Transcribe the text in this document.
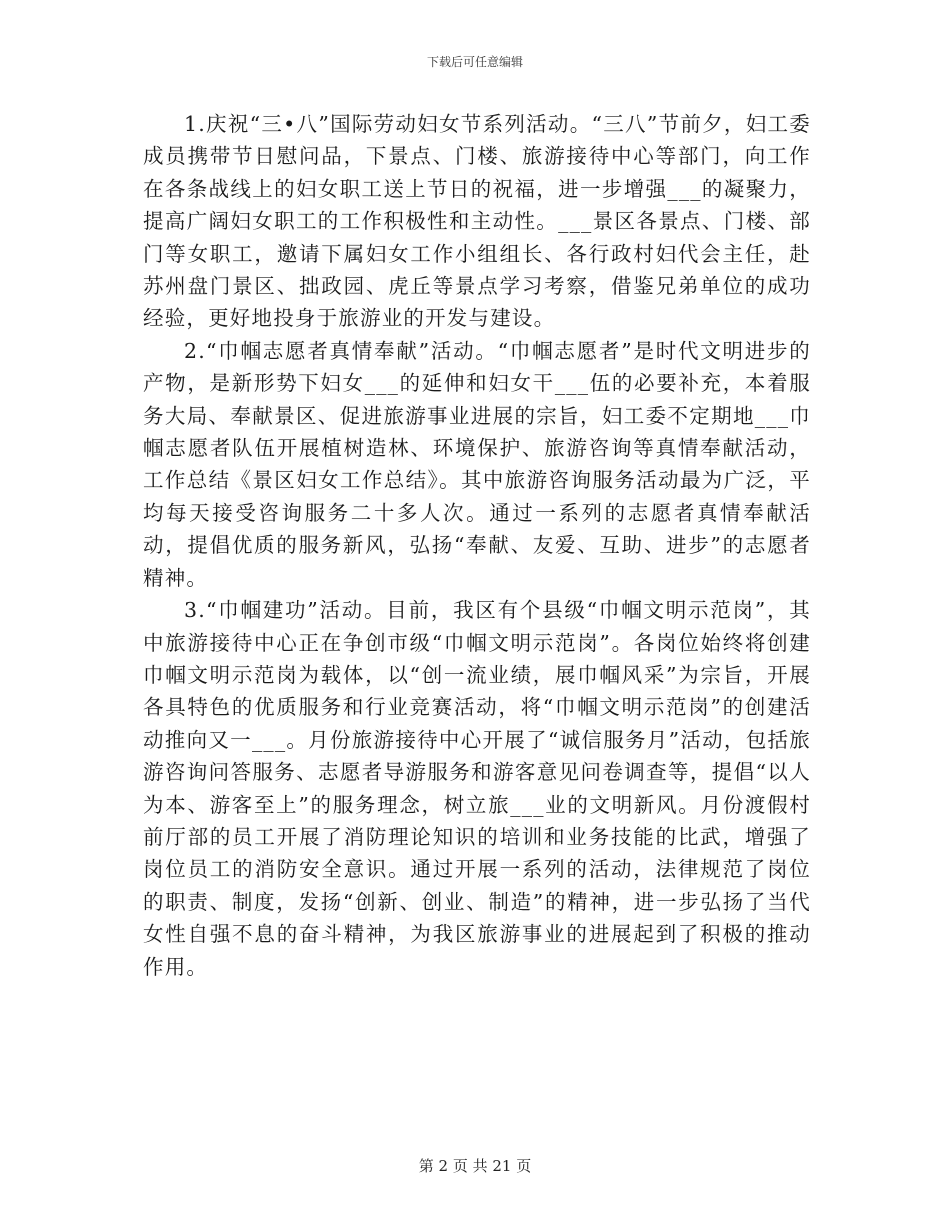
下载后可任意编辑

1.庆祝“三•八”国际劳动妇女节系列活动。“三八”节前夕，妇工委成员携带节日慰问品，下景点、门楼、旅游接待中心等部门，向工作在各条战线上的妇女职工送上节日的祝福，进一步增强___的凝聚力，提高广阔妇女职工的工作积极性和主动性。___景区各景点、门楼、部门等女职工，邀请下属妇女工作小组组长、各行政村妇代会主任，赴苏州盘门景区、拙政园、虎丘等景点学习考察，借鉴兄弟单位的成功经验，更好地投身于旅游业的开发与建设。

2.“巾帼志愿者真情奉献”活动。“巾帼志愿者”是时代文明进步的产物，是新形势下妇女___的延伸和妇女干___伍的必要补充，本着服务大局、奉献景区、促进旅游事业进展的宗旨，妇工委不定期地___巾帼志愿者队伍开展植树造林、环境保护、旅游咨询等真情奉献活动，工作总结《景区妇女工作总结》。其中旅游咨询服务活动最为广泛，平均每天接受咨询服务二十多人次。通过一系列的志愿者真情奉献活动，提倡优质的服务新风，弘扬“奉献、友爱、互助、进步”的志愿者精神。

3.“巾帼建功”活动。目前，我区有个县级“巾帼文明示范岗”，其中旅游接待中心正在争创市级“巾帼文明示范岗”。各岗位始终将创建巾帼文明示范岗为载体，以“创一流业绩，展巾帼风采”为宗旨，开展各具特色的优质服务和行业竞赛活动，将“巾帼文明示范岗”的创建活动推向又一___。月份旅游接待中心开展了“诚信服务月”活动，包括旅游咨询问答服务、志愿者导游服务和游客意见问卷调查等，提倡“以人为本、游客至上”的服务理念，树立旅___业的文明新风。月份渡假村前厅部的员工开展了消防理论知识的培训和业务技能的比武，增强了岗位员工的消防安全意识。通过开展一系列的活动，法律规范了岗位的职责、制度，发扬“创新、创业、制造”的精神，进一步弘扬了当代女性自强不息的奋斗精神，为我区旅游事业的进展起到了积极的推动作用。

第 2 页 共 21 页
